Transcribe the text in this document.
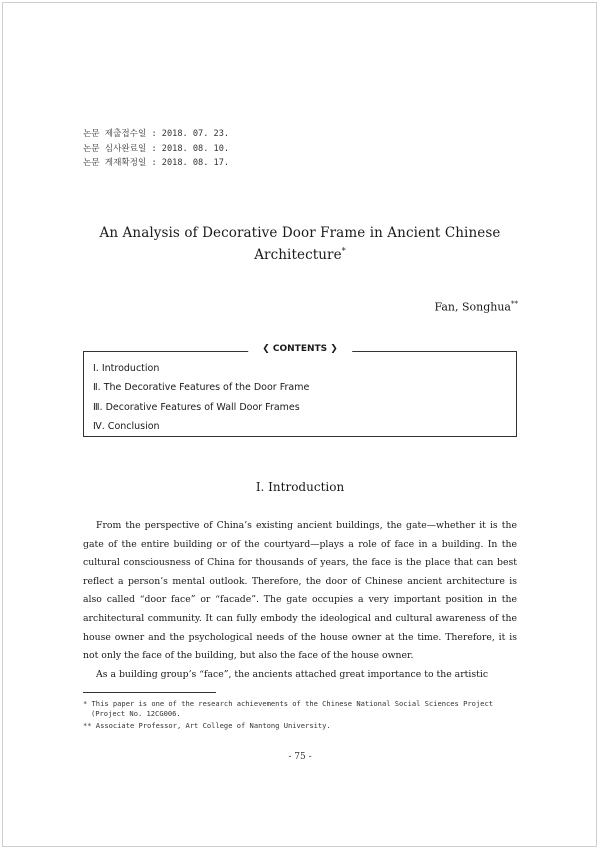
논문 제출접수일 : 2018. 07. 23.
논문 심사완료일 : 2018. 08. 10.
논문 게재확정일 : 2018. 08. 17.
An Analysis of Decorative Door Frame in Ancient Chinese
Architecture*
Fan, Songhua**
❮ CONTENTS ❯
Ⅰ. Introduction
Ⅱ. The Decorative Features of the Door Frame
Ⅲ. Decorative Features of Wall Door Frames
Ⅳ. Conclusion
Ⅰ. Introduction

From the perspective of China’s existing ancient buildings, the gate—whether it is the gate of the entire building or of the courtyard—plays a role of face in a building. In the cultural consciousness of China for thousands of years, the face is the place that can best reflect a person’s mental outlook. Therefore, the door of Chinese ancient architecture is also called “door face” or “facade”. The gate occupies a very important position in the architectural community. It can fully embody the ideological and cultural awareness of the house owner and the psychological needs of the house owner at the time. Therefore, it is not only the face of the building, but also the face of the house owner.

As a building group’s “face”, the ancients attached great importance to the artistic

* This paper is one of the research achievements of the Chinese National Social Sciences Project (Project No. 12CG006.

** Associate Professor, Art College of Nantong University.

- 75 -
